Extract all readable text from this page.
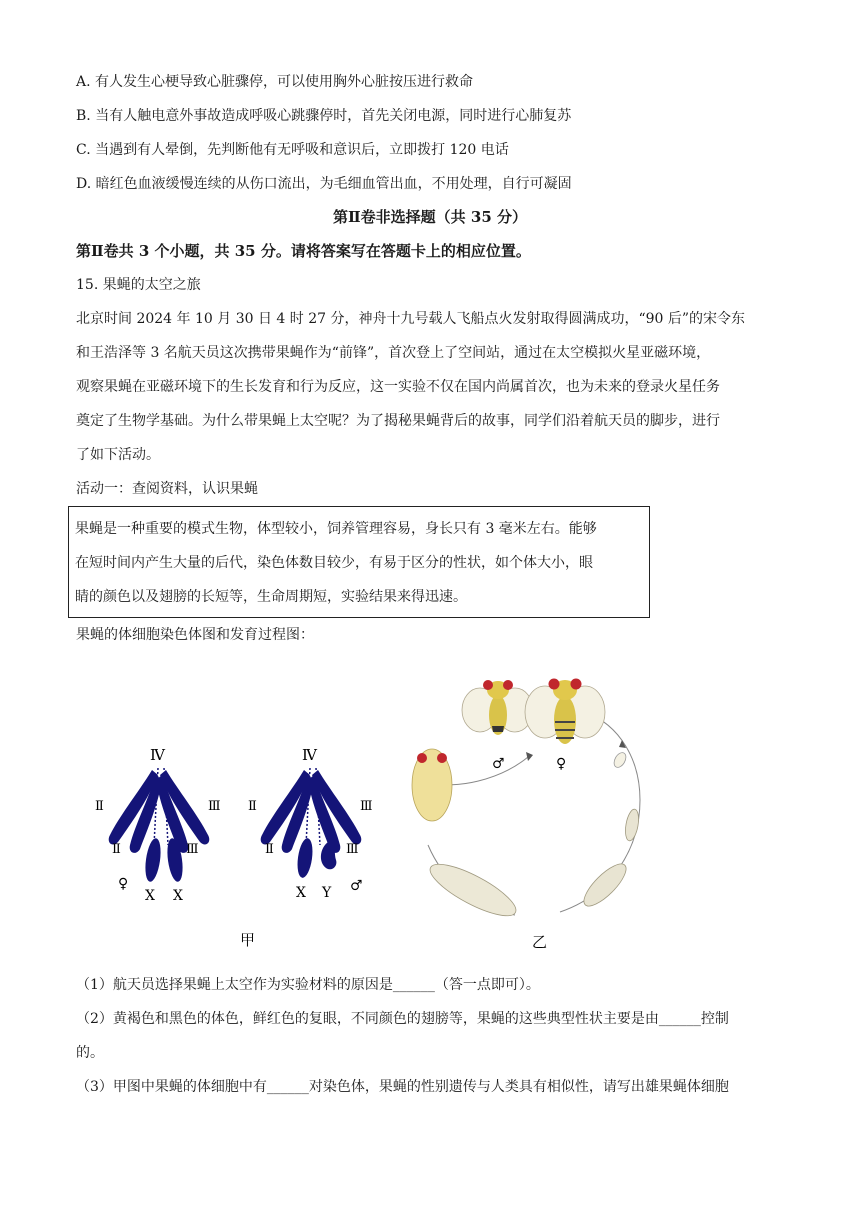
A. 有人发生心梗导致心脏骤停，可以使用胸外心脏按压进行救命
B. 当有人触电意外事故造成呼吸心跳骤停时，首先关闭电源，同时进行心肺复苏
C. 当遇到有人晕倒，先判断他有无呼吸和意识后，立即拨打 120 电话
D. 暗红色血液缓慢连续的从伤口流出，为毛细血管出血，不用处理，自行可凝固
第Ⅱ卷非选择题（共 35 分）
第Ⅱ卷共 3 个小题，共 35 分。请将答案写在答题卡上的相应位置。
15. 果蝇的太空之旅
北京时间 2024 年 10 月 30 日 4 时 27 分，神舟十九号载人飞船点火发射取得圆满成功，“90 后”的宋令东
和王浩泽等 3 名航天员这次携带果蝇作为“前锋”，首次登上了空间站，通过在太空模拟火星亚磁环境，
观察果蝇在亚磁环境下的生长发育和行为反应，这一实验不仅在国内尚属首次，也为未来的登录火星任务
奠定了生物学基础。为什么带果蝇上太空呢？为了揭秘果蝇背后的故事，同学们沿着航天员的脚步，进行
了如下活动。
活动一：查阅资料，认识果蝇
果蝇是一种重要的模式生物，体型较小，饲养管理容易，身长只有 3 毫米左右。能够
在短时间内产生大量的后代，染色体数目较少，有易于区分的性状，如个体大小，眼
睛的颜色以及翅膀的长短等，生命周期短，实验结果来得迅速。
果蝇的体细胞染色体图和发育过程图：
Ⅳ
Ⅱ	Ⅲ
Ⅱ	Ⅲ
♀
X X
Ⅳ
Ⅱ	Ⅲ
Ⅱ	Ⅲ
X Y ♂
甲
♂	♀
乙
（1）航天员选择果蝇上太空作为实验材料的原因是______（答一点即可）。
（2）黄褐色和黑色的体色，鲜红色的复眼，不同颜色的翅膀等，果蝇的这些典型性状主要是由______控制
的。
（3）甲图中果蝇的体细胞中有______对染色体，果蝇的性别遗传与人类具有相似性，请写出雄果蝇体细胞
